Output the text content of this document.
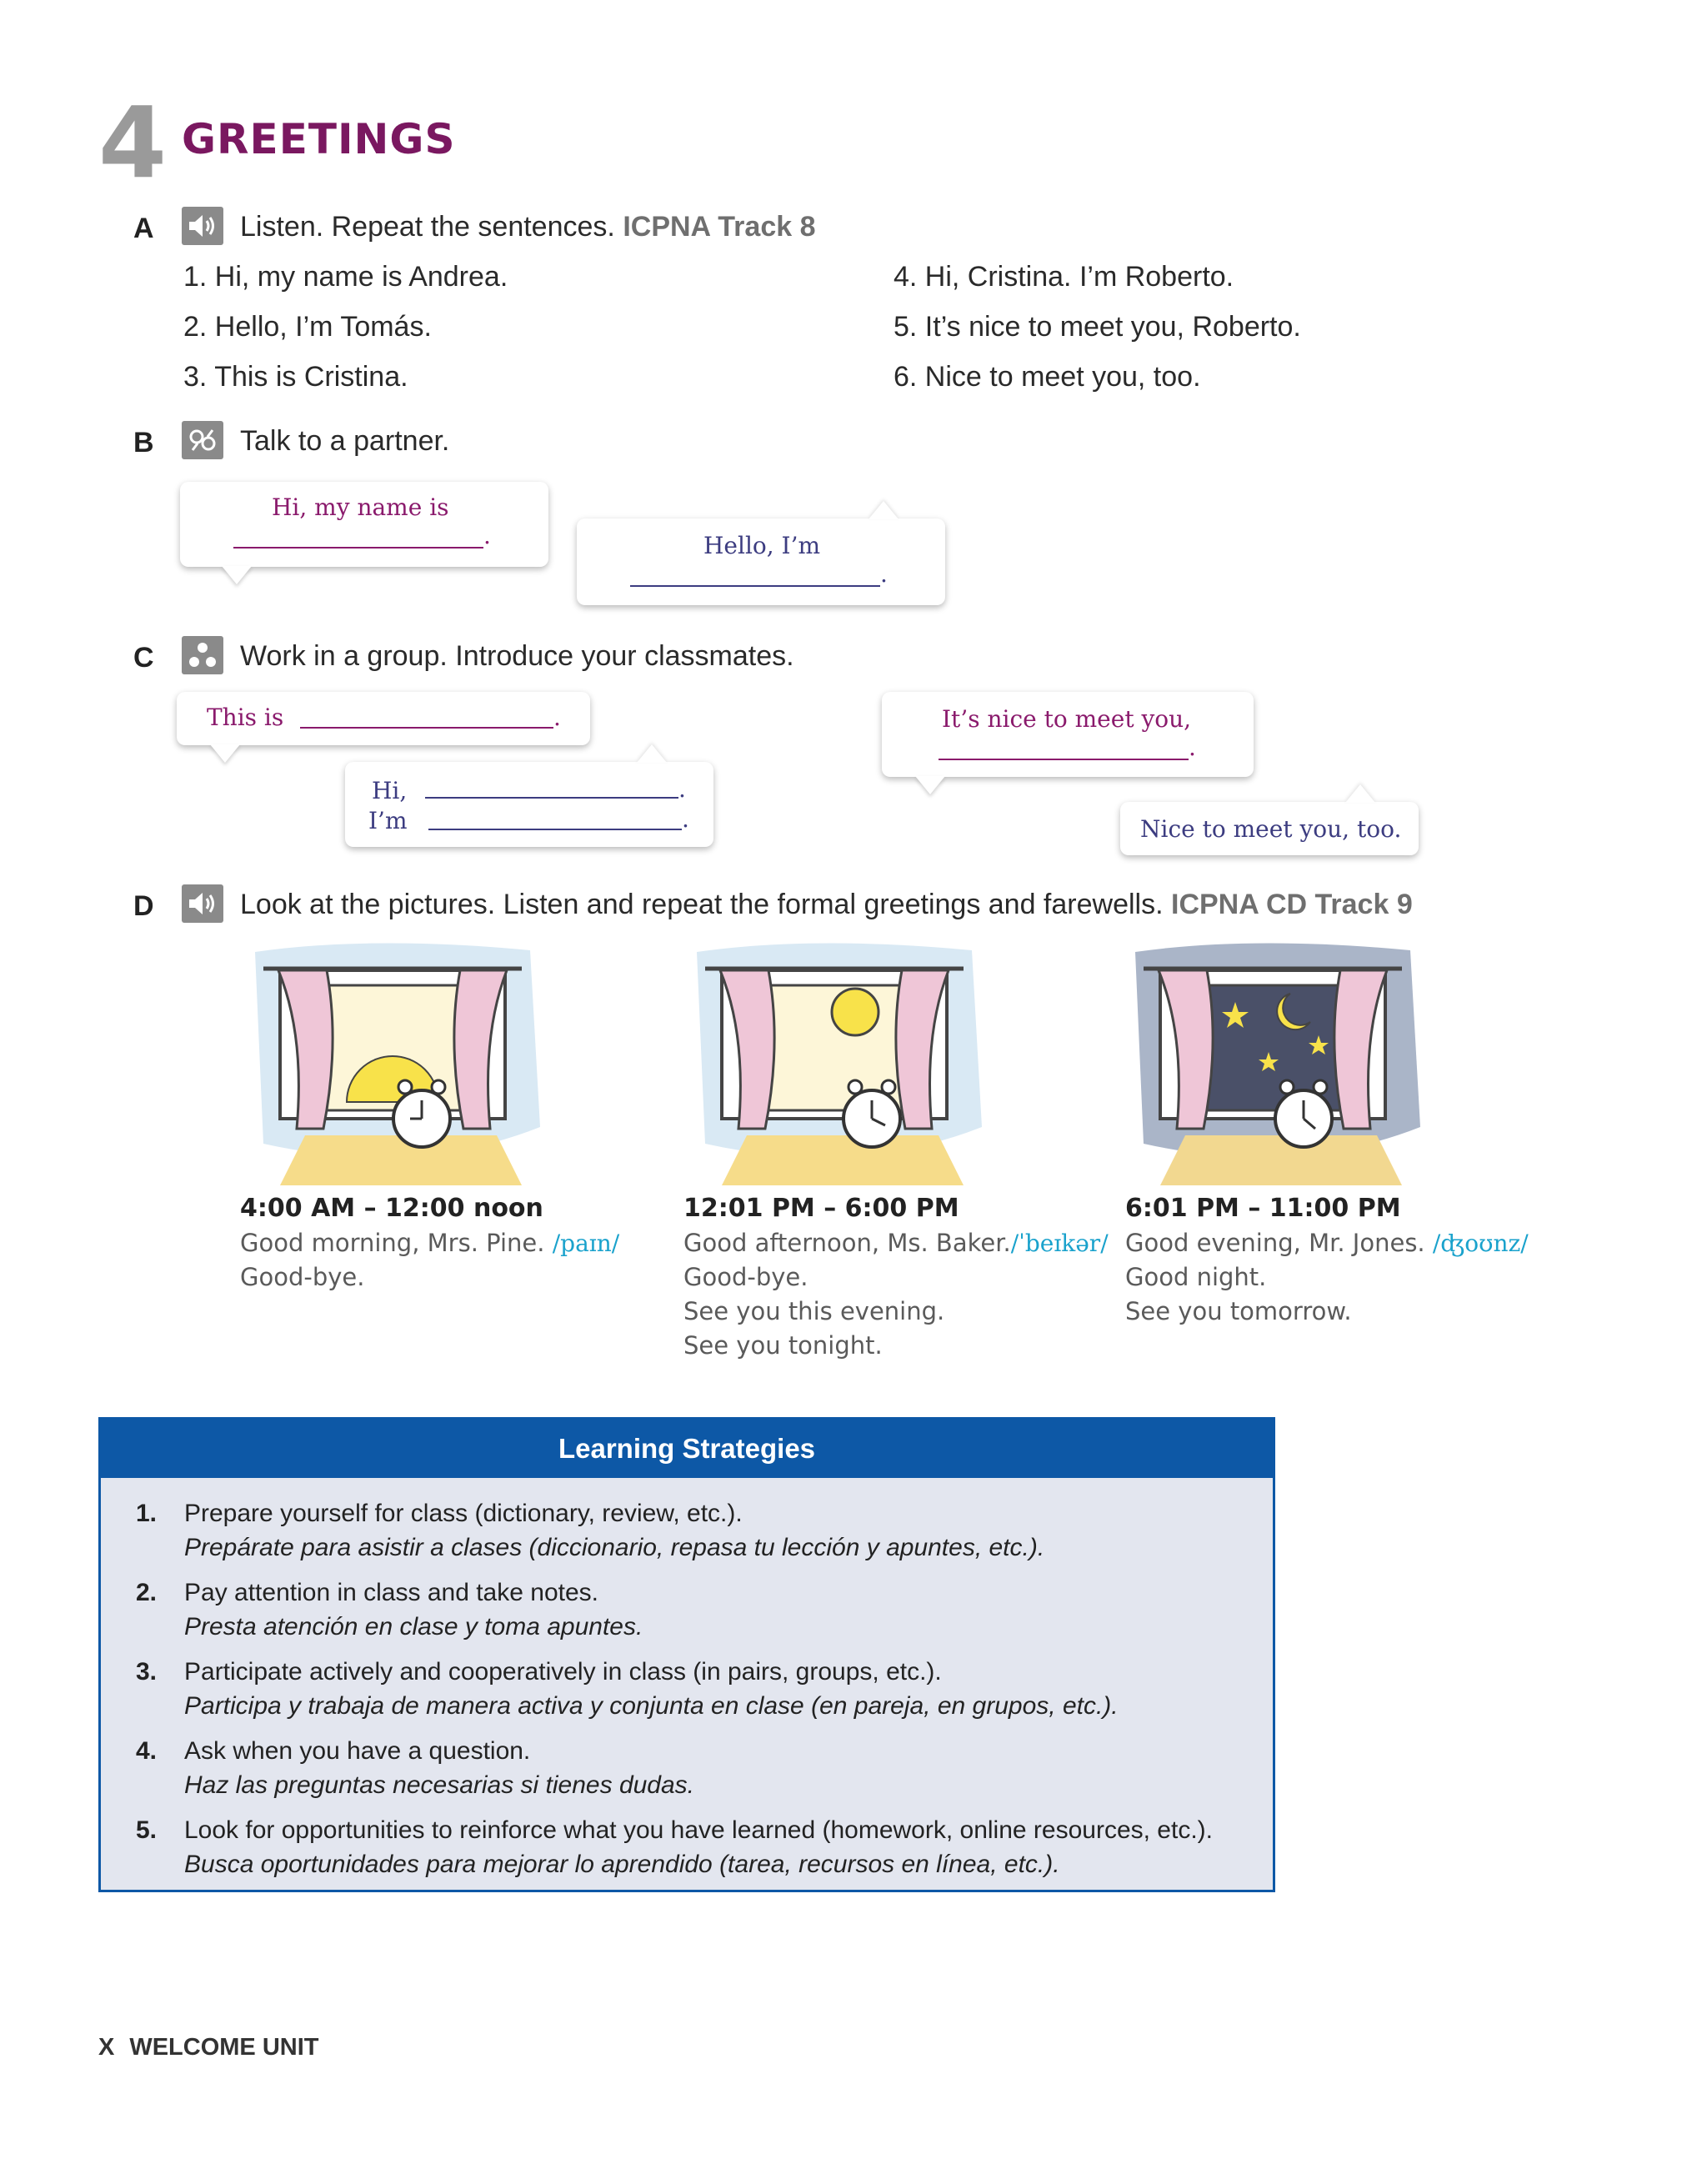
4 GREETINGS
A	Listen. Repeat the sentences. ICPNA Track 8
1. Hi, my name is Andrea.
2. Hello, I’m Tomás.
3. This is Cristina.
4. Hi, Cristina. I’m Roberto.
5. It’s nice to meet you, Roberto.
6. Nice to meet you, too.
B	Talk to a partner.
Hi, my name is
.	Hello, I’m
.
C	Work in a group. Introduce your classmates.
This is	.
Hi,	.
I’m	.
It’s nice to meet you,
.
Nice to meet you, too.
D	Look at the pictures. Listen and repeat the formal greetings and farewells. ICPNA CD Track 9
4:00 AM – 12:00 noon
Good morning, Mrs. Pine. /paɪn/
Good-bye.
12:01 PM – 6:00 PM
Good afternoon, Ms. Baker./ˈbeɪkər/
Good-bye.
See you this evening.
See you tonight.
6:01 PM – 11:00 PM
Good evening, Mr. Jones. /ʤoʊnz/
Good night.
See you tomorrow.
Learning Strategies
1. Prepare yourself for class (dictionary, review, etc.).
Prepárate para asistir a clases (diccionario, repasa tu lección y apuntes, etc.).
2. Pay attention in class and take notes.
Presta atención en clase y toma apuntes.
3. Participate actively and cooperatively in class (in pairs, groups, etc.).
Participa y trabaja de manera activa y conjunta en clase (en pareja, en grupos, etc.).
4. Ask when you have a question.
Haz las preguntas necesarias si tienes dudas.
5. Look for opportunities to reinforce what you have learned (homework, online resources, etc.).
Busca oportunidades para mejorar lo aprendido (tarea, recursos en línea, etc.).
X WELCOME UNIT
